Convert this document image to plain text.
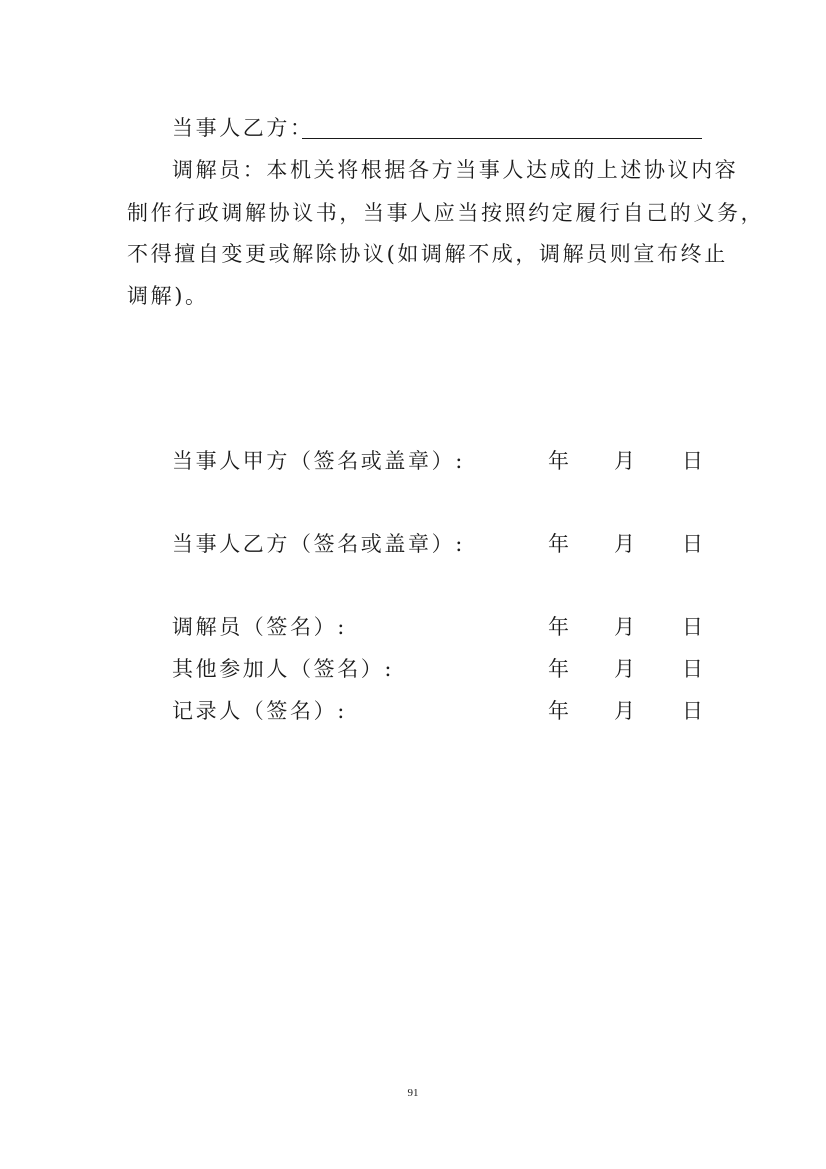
当事人乙方：
调解员：本机关将根据各方当事人达成的上述协议内容
制作行政调解协议书，当事人应当按照约定履行自己的义务，
不得擅自变更或解除协议(如调解不成，调解员则宣布终止
调解)。
当事人甲方（签名或盖章）:	年 月 日
当事人乙方（签名或盖章）:	年 月 日
调解员（签名）:	年 月 日
其他参加人（签名）:	年 月 日
记录人（签名）:	年 月 日
91
